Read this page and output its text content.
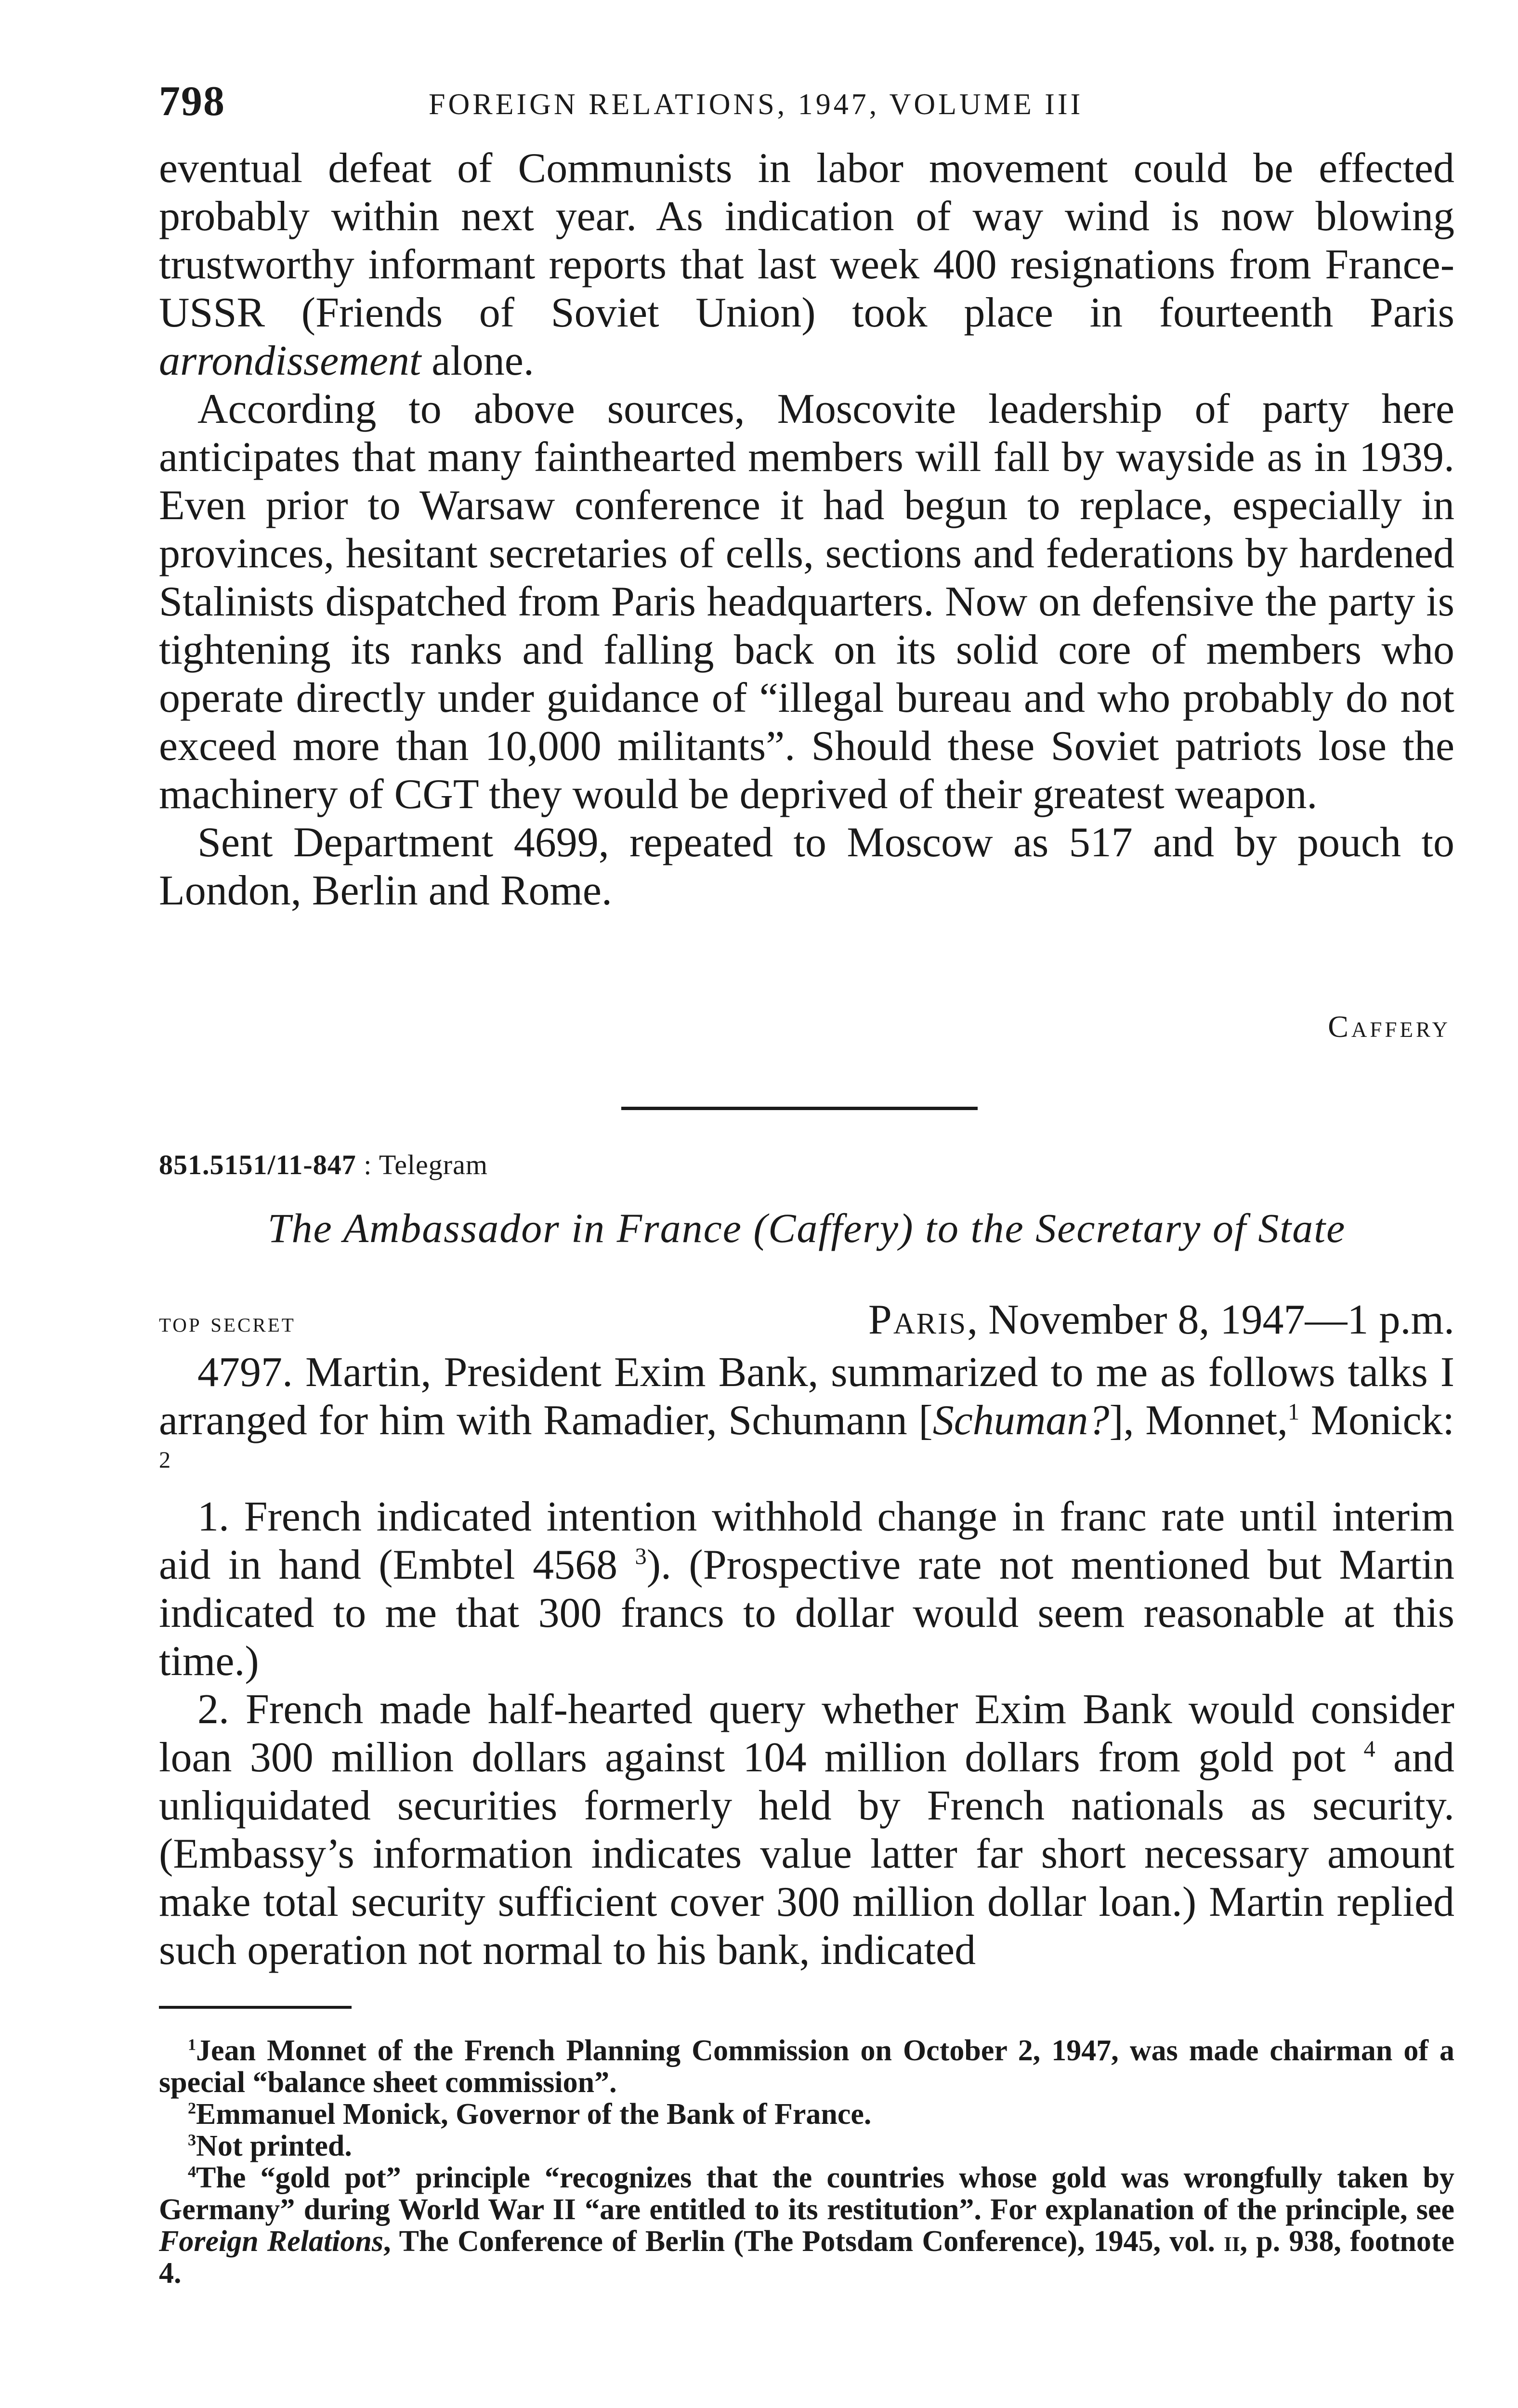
798	FOREIGN RELATIONS, 1947, VOLUME III

eventual defeat of Communists in labor movement could be effected probably within next year. As indication of way wind is now blowing trustworthy informant reports that last week 400 resignations from France-USSR (Friends of Soviet Union) took place in fourteenth Paris arrondissement alone.

According to above sources, Moscovite leadership of party here anticipates that many fainthearted members will fall by wayside as in 1939. Even prior to Warsaw conference it had begun to replace, especially in provinces, hesitant secretaries of cells, sections and federations by hardened Stalinists dispatched from Paris headquarters. Now on defensive the party is tightening its ranks and falling back on its solid core of members who operate directly under guidance of “illegal bureau and who probably do not exceed more than 10,000 militants”. Should these Soviet patriots lose the machinery of CGT they would be deprived of their greatest weapon.

Sent Department 4699, repeated to Moscow as 517 and by pouch to London, Berlin and Rome.

Caffery
851.5151/11-847 : Telegram
The Ambassador in France (Caffery) to the Secretary of State
top secret	Paris, November 8, 1947—1 p.m.

4797. Martin, President Exim Bank, summarized to me as follows talks I arranged for him with Ramadier, Schumann [Schuman?], Monnet,$^1$ Monick: $^2$

1. French indicated intention withhold change in franc rate until interim aid in hand (Embtel 4568 $^3$). (Prospective rate not mentioned but Martin indicated to me that 300 francs to dollar would seem reasonable at this time.)

2. French made half-hearted query whether Exim Bank would consider loan 300 million dollars against 104 million dollars from gold pot $^4$ and unliquidated securities formerly held by French nationals as security. (Embassy’s information indicates value latter far short necessary amount make total security sufficient cover 300 million dollar loan.) Martin replied such operation not normal to his bank, indicated

$^1$Jean Monnet of the French Planning Commission on October 2, 1947, was made chairman of a special “balance sheet commission”.

$^2$Emmanuel Monick, Governor of the Bank of France.

$^3$Not printed.

$^4$The “gold pot” principle “recognizes that the countries whose gold was wrongfully taken by Germany” during World War II “are entitled to its restitution”. For explanation of the principle, see Foreign Relations, The Conference of Berlin (The Potsdam Conference), 1945, vol. ii, p. 938, footnote 4.
